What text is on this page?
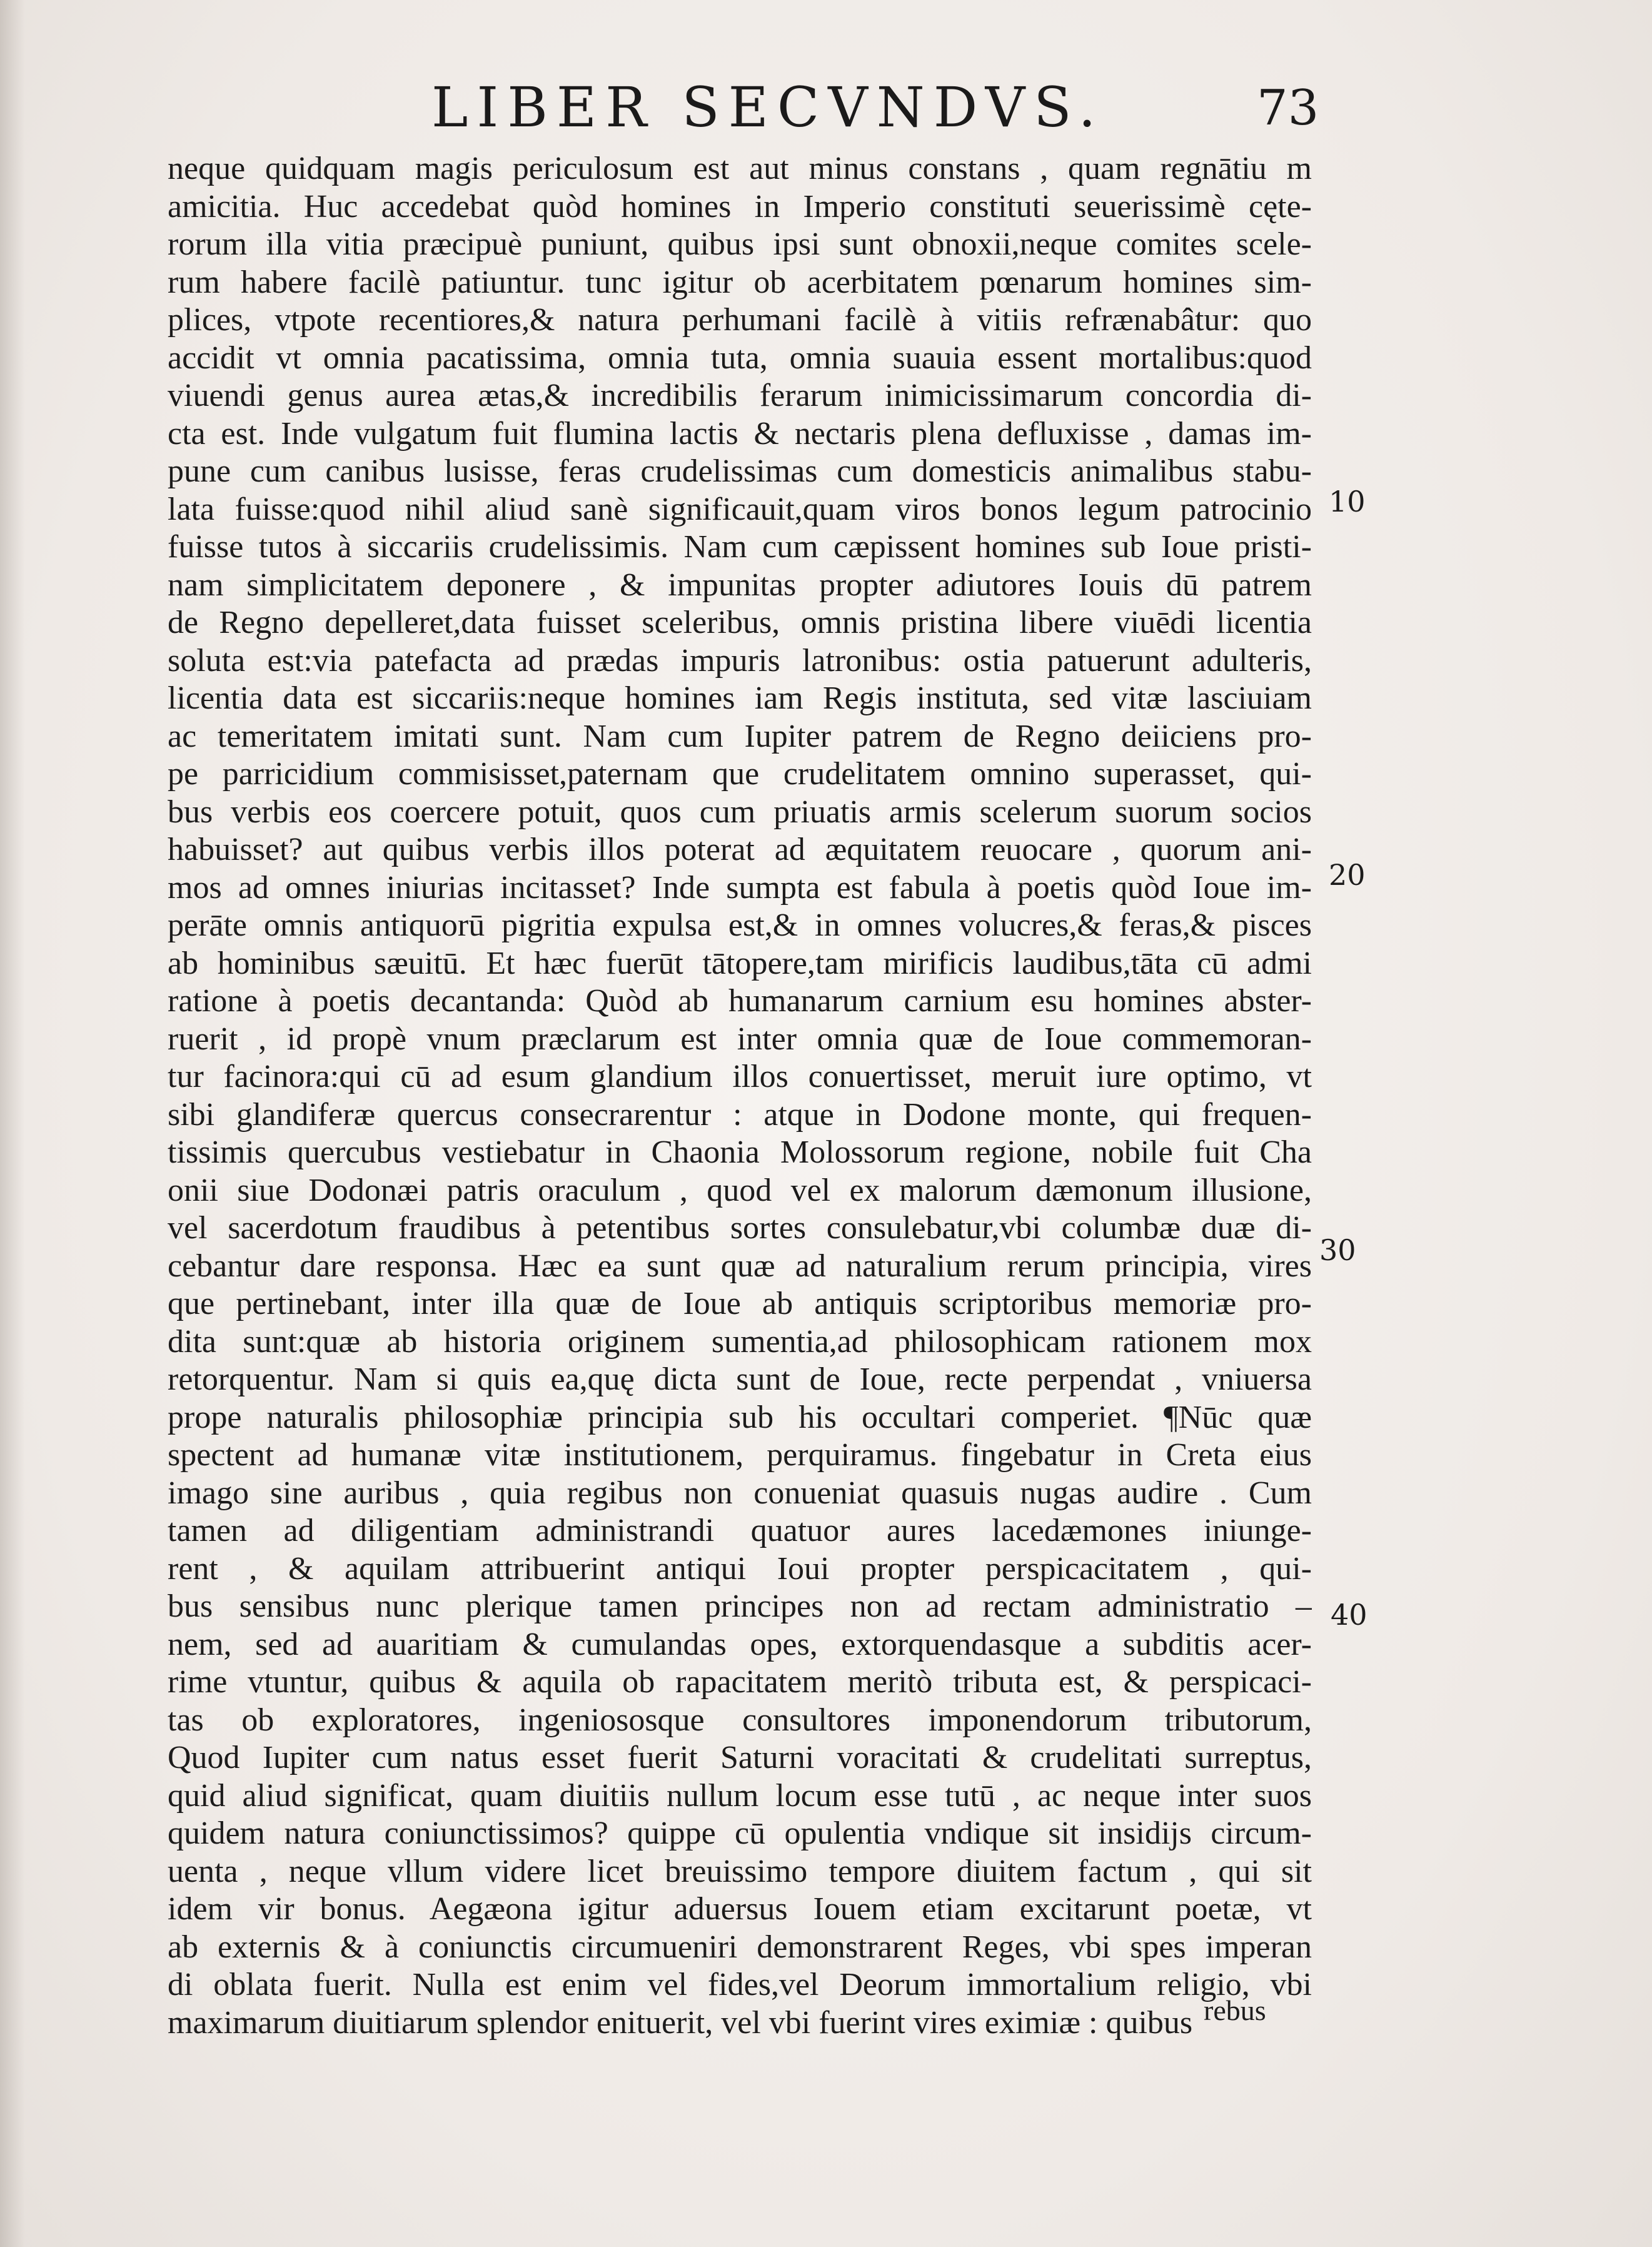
LIBER SECVNDVS.	73
neque quidquam magis periculosum est aut minus constans , quam regnātiu m
amicitia. Huc accedebat quòd homines in Imperio constituti seuerissimè cęte-
rorum illa vitia præcipuè puniunt, quibus ipsi sunt obnoxii,neque comites scele-
rum habere facilè patiuntur. tunc igitur ob acerbitatem pœnarum homines sim-
plices, vtpote recentiores,& natura perhumani facilè à vitiis refrænabâtur: quo
accidit vt omnia pacatissima, omnia tuta, omnia suauia essent mortalibus:quod
viuendi genus aurea ætas,& incredibilis ferarum inimicissimarum concordia di-
cta est. Inde vulgatum fuit flumina lactis & nectaris plena defluxisse , damas im-
pune cum canibus lusisse, feras crudelissimas cum domesticis animalibus stabu-
lata fuisse:quod nihil aliud sanè significauit,quam viros bonos legum patrocinio
fuisse tutos à siccariis crudelissimis. Nam cum cæpissent homines sub Ioue pristi-
nam simplicitatem deponere , & impunitas propter adiutores Iouis dū patrem
de Regno depelleret,data fuisset sceleribus, omnis pristina libere viuēdi licentia
soluta est:via patefacta ad prædas impuris latronibus: ostia patuerunt adulteris,
licentia data est siccariis:neque homines iam Regis instituta, sed vitæ lasciuiam
ac temeritatem imitati sunt. Nam cum Iupiter patrem de Regno deiiciens pro-
pe parricidium commisisset,paternam que crudelitatem omnino superasset, qui-
bus verbis eos coercere potuit, quos cum priuatis armis scelerum suorum socios
habuisset? aut quibus verbis illos poterat ad æquitatem reuocare , quorum ani-
mos ad omnes iniurias incitasset? Inde sumpta est fabula à poetis quòd Ioue im-
perāte omnis antiquorū pigritia expulsa est,& in omnes volucres,& feras,& pisces
ab hominibus sæuitū. Et hæc fuerūt tātopere,tam mirificis laudibus,tāta cū admi
ratione à poetis decantanda: Quòd ab humanarum carnium esu homines abster-
ruerit , id propè vnum præclarum est inter omnia quæ de Ioue commemoran-
tur facinora:qui cū ad esum glandium illos conuertisset, meruit iure optimo, vt
sibi glandiferæ quercus consecrarentur : atque in Dodone monte, qui frequen-
tissimis quercubus vestiebatur in Chaonia Molossorum regione, nobile fuit Cha
onii siue Dodonæi patris oraculum , quod vel ex malorum dæmonum illusione,
vel sacerdotum fraudibus à petentibus sortes consulebatur,vbi columbæ duæ di-
cebantur dare responsa. Hæc ea sunt quæ ad naturalium rerum principia, vires
que pertinebant, inter illa quæ de Ioue ab antiquis scriptoribus memoriæ pro-
dita sunt:quæ ab historia originem sumentia,ad philosophicam rationem mox
retorquentur. Nam si quis ea,quę dicta sunt de Ioue, recte perpendat , vniuersa
prope naturalis philosophiæ principia sub his occultari comperiet. ¶Nūc quæ
spectent ad humanæ vitæ institutionem, perquiramus. fingebatur in Creta eius
imago sine auribus , quia regibus non conueniat quasuis nugas audire . Cum
tamen ad diligentiam administrandi quatuor aures lacedæmones iniunge-
rent , & aquilam attribuerint antiqui Ioui propter perspicacitatem , qui-
bus sensibus nunc plerique tamen principes non ad rectam administratio –
nem, sed ad auaritiam & cumulandas opes, extorquendasque a subditis acer-
rime vtuntur, quibus & aquila ob rapacitatem meritò tributa est, & perspicaci-
tas ob exploratores, ingeniososque consultores imponendorum tributorum,
Quod Iupiter cum natus esset fuerit Saturni voracitati & crudelitati surreptus,
quid aliud significat, quam diuitiis nullum locum esse tutū , ac neque inter suos
quidem natura coniunctissimos? quippe cū opulentia vndique sit insidijs circum-
uenta , neque vllum videre licet breuissimo tempore diuitem factum , qui sit
idem vir bonus. Aegæona igitur aduersus Iouem etiam excitarunt poetæ, vt
ab externis & à coniunctis circumueniri demonstrarent Reges, vbi spes imperan
di oblata fuerit. Nulla est enim vel fides,vel Deorum immortalium religio, vbi
maximarum diuitiarum splendor enituerit, vel vbi fuerint vires eximiæ : quibus rebus
10
20
30
40
